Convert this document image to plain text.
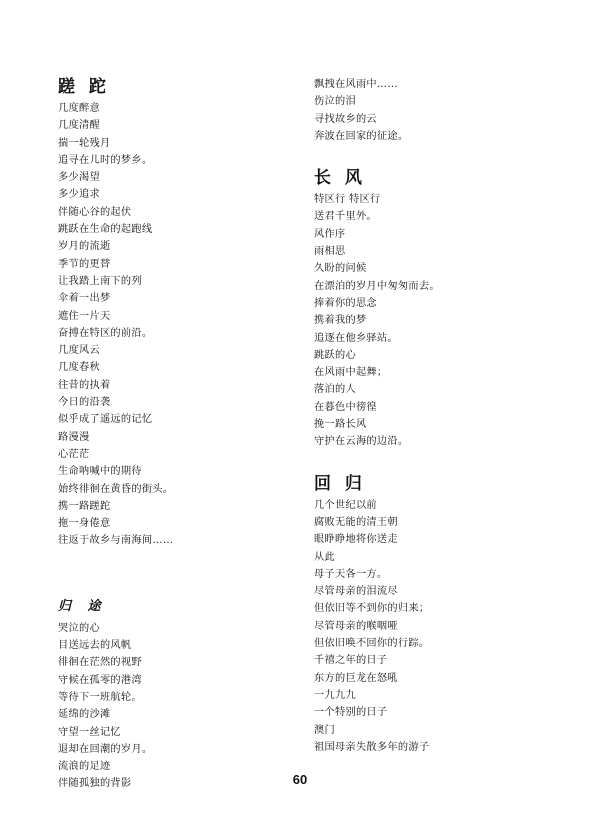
蹉 跎
几度醉意
几度清醒
揣一轮残月
追寻在儿时的梦乡。
多少渴望
多少追求
伴随心谷的起伏
跳跃在生命的起跑线
岁月的流逝
季节的更替
让我踏上南下的列
伞着一出梦
遮住一片天
奋搏在特区的前沿。
几度风云
几度春秋
往昔的执着
今日的沿袭
似乎成了遥远的记忆
路漫漫
心茫茫
生命呐喊中的期待
始终徘徊在黄昏的街头。
携一路蹉跎
拖一身倦意
往返于故乡与南海间……
归 途
哭泣的心
目送远去的风帆
徘徊在茫然的视野
守候在孤零的港湾
等待下一班航轮。
延绵的沙滩
守望一丝记忆
退却在回潮的岁月。
流浪的足迹
伴随孤独的背影
飘拽在风雨中……
伤泣的泪
寻找故乡的云
奔波在回家的征途。
长 风
特区行 特区行
送君千里外。
风作序
雨相思
久盼的问候
在漂泊的岁月中匆匆而去。
捧着你的思念
携着我的梦
追逐在他乡驿站。
跳跃的心
在风雨中起舞；
落泊的人
在暮色中徬徨
挽一路长风
守护在云海的边沿。
回 归
几个世纪以前
腐败无能的清王朝
眼睁睁地将你送走
从此
母子天各一方。
尽管母亲的泪流尽
但依旧等不到你的归来；
尽管母亲的喉咽哑
但依旧唤不回你的行踪。
千禧之年的日子
东方的巨龙在怒吼
一九九九
一个特别的日子
澳门
祖国母亲失散多年的游子
60
